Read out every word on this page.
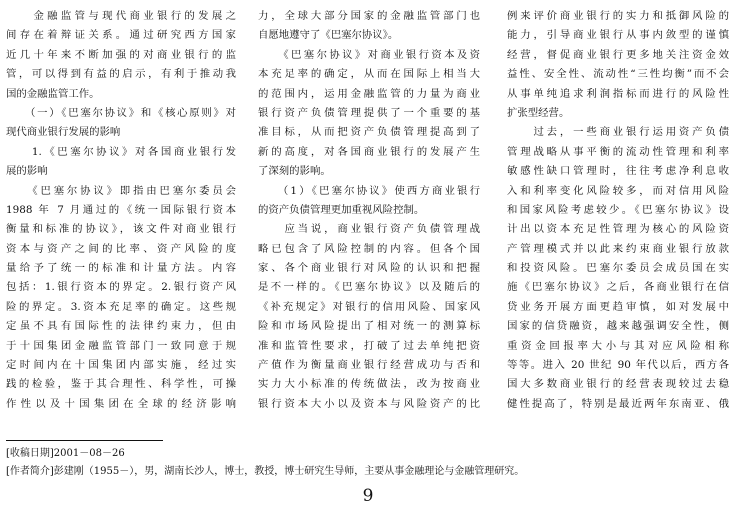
　　金融监管与现代商业银行的发展之
间存在着辩证关系。通过研究西方国家
近几十年来不断加强的对商业银行的监
管，可以得到有益的启示，有利于推动我
国的金融监管工作。
　　（一）《巴塞尔协议》和《核心原则》对
现代商业银行发展的影响
　　1.《巴塞尔协议》对各国商业银行发
展的影响
　　《巴塞尔协议》即指由巴塞尔委员会
1988 年 7 月通过的《统一国际银行资本
衡量和标准的协议》，该文件对商业银行
资本与资产之间的比率、资产风险的度
量给予了统一的标准和计量方法。内容
包括：1.银行资本的界定。2.银行资产风
险的界定。3.资本充足率的确定。这些规
定虽不具有国际性的法律约束力，但由
于十国集团金融监管部门一致同意于规
定时间内在十国集团内部实施，经过实
践的检验，鉴于其合理性、科学性，可操
作性以及十国集团在全球的经济影响
力，全球大部分国家的金融监管部门也
自愿地遵守了《巴塞尔协议》。
　　《巴塞尔协议》对商业银行资本及资
本充足率的确定，从而在国际上相当大
的范围内，运用金融监管的力量为商业
银行资产负债管理提供了一个重要的基
准目标，从而把资产负债管理提高到了
新的高度，对各国商业银行的发展产生
了深刻的影响。
　　（1）《巴塞尔协议》使西方商业银行
的资产负债管理更加重视风险控制。
　　应当说，商业银行资产负债管理战
略已包含了风险控制的内容。但各个国
家、各个商业银行对风险的认识和把握
是不一样的。《巴塞尔协议》以及随后的
《补充规定》对银行的信用风险、国家风
险和市场风险提出了相对统一的测算标
准和监管性要求，打破了过去单纯把资
产值作为衡量商业银行经营成功与否和
实力大小标准的传统做法，改为按商业
银行资本大小以及资本与风险资产的比
例来评价商业银行的实力和抵御风险的
能力，引导商业银行从事内敛型的谨慎
经营，督促商业银行更多地关注资金效
益性、安全性、流动性“三性均衡”而不会
从事单纯追求利润指标而进行的风险性
扩张型经营。
　　过去，一些商业银行运用资产负债
管理战略从事平衡的流动性管理和利率
敏感性缺口管理时，往往考虑净利息收
入和利率变化风险较多，而对信用风险
和国家风险考虑较少。《巴塞尔协议》设
计出以资本充足性管理为核心的风险资
产管理模式并以此来约束商业银行放款
和投资风险。巴塞尔委员会成员国在实
施《巴塞尔协议》之后，各商业银行在信
贷业务开展方面更趋审慎，如对发展中
国家的信贷融资，越来越强调安全性，侧
重资金回报率大小与其对应风险相称
等等。进入 20 世纪 90 年代以后，西方各
国大多数商业银行的经营表现较过去稳
健性提高了，特别是最近两年东南亚、俄
[收稿日期]2001－08－26
[作者简介]彭建刚（1955－），男，湖南长沙人，博士，教授，博士研究生导师，主要从事金融理论与金融管理研究。
9
